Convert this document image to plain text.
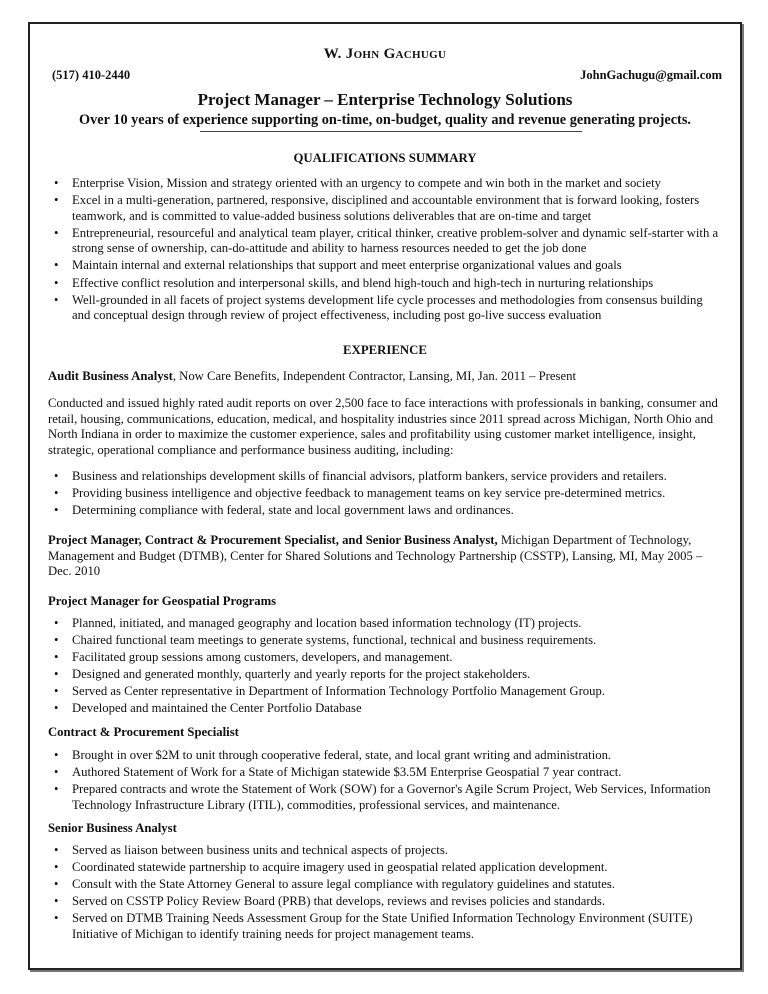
W. John Gachugu
(517) 410-2440	JohnGachugu@gmail.com
Project Manager – Enterprise Technology Solutions
Over 10 years of experience supporting on-time, on-budget, quality and revenue generating projects.
QUALIFICATIONS SUMMARY
• Enterprise Vision, Mission and strategy oriented with an urgency to compete and win both in the market and society
• Excel in a multi-generation, partnered, responsive, disciplined and accountable environment that is forward looking, fosters teamwork, and is committed to value-added business solutions deliverables that are on-time and target
• Entrepreneurial, resourceful and analytical team player, critical thinker, creative problem-solver and dynamic self-starter with a strong sense of ownership, can-do-attitude and ability to harness resources needed to get the job done
• Maintain internal and external relationships that support and meet enterprise organizational values and goals
• Effective conflict resolution and interpersonal skills, and blend high-touch and high-tech in nurturing relationships
• Well-grounded in all facets of project systems development life cycle processes and methodologies from consensus building and conceptual design through review of project effectiveness, including post go-live success evaluation
EXPERIENCE
Audit Business Analyst, Now Care Benefits, Independent Contractor, Lansing, MI, Jan. 2011 – Present
Conducted and issued highly rated audit reports on over 2,500 face to face interactions with professionals in banking, consumer and retail, housing, communications, education, medical, and hospitality industries since 2011 spread across Michigan, North Ohio and North Indiana in order to maximize the customer experience, sales and profitability using customer market intelligence, insight, strategic, operational compliance and performance business auditing, including:
• Business and relationships development skills of financial advisors, platform bankers, service providers and retailers.
• Providing business intelligence and objective feedback to management teams on key service pre-determined metrics.
• Determining compliance with federal, state and local government laws and ordinances.
Project Manager, Contract & Procurement Specialist, and Senior Business Analyst, Michigan Department of Technology, Management and Budget (DTMB), Center for Shared Solutions and Technology Partnership (CSSTP), Lansing, MI, May 2005 – Dec. 2010
Project Manager for Geospatial Programs
• Planned, initiated, and managed geography and location based information technology (IT) projects.
• Chaired functional team meetings to generate systems, functional, technical and business requirements.
• Facilitated group sessions among customers, developers, and management.
• Designed and generated monthly, quarterly and yearly reports for the project stakeholders.
• Served as Center representative in Department of Information Technology Portfolio Management Group.
• Developed and maintained the Center Portfolio Database
Contract & Procurement Specialist
• Brought in over $2M to unit through cooperative federal, state, and local grant writing and administration.
• Authored Statement of Work for a State of Michigan statewide $3.5M Enterprise Geospatial 7 year contract.
• Prepared contracts and wrote the Statement of Work (SOW) for a Governor's Agile Scrum Project, Web Services, Information Technology Infrastructure Library (ITIL), commodities, professional services, and maintenance.
Senior Business Analyst
• Served as liaison between business units and technical aspects of projects.
• Coordinated statewide partnership to acquire imagery used in geospatial related application development.
• Consult with the State Attorney General to assure legal compliance with regulatory guidelines and statutes.
• Served on CSSTP Policy Review Board (PRB) that develops, reviews and revises policies and standards.
• Served on DTMB Training Needs Assessment Group for the State Unified Information Technology Environment (SUITE) Initiative of Michigan to identify training needs for project management teams.
